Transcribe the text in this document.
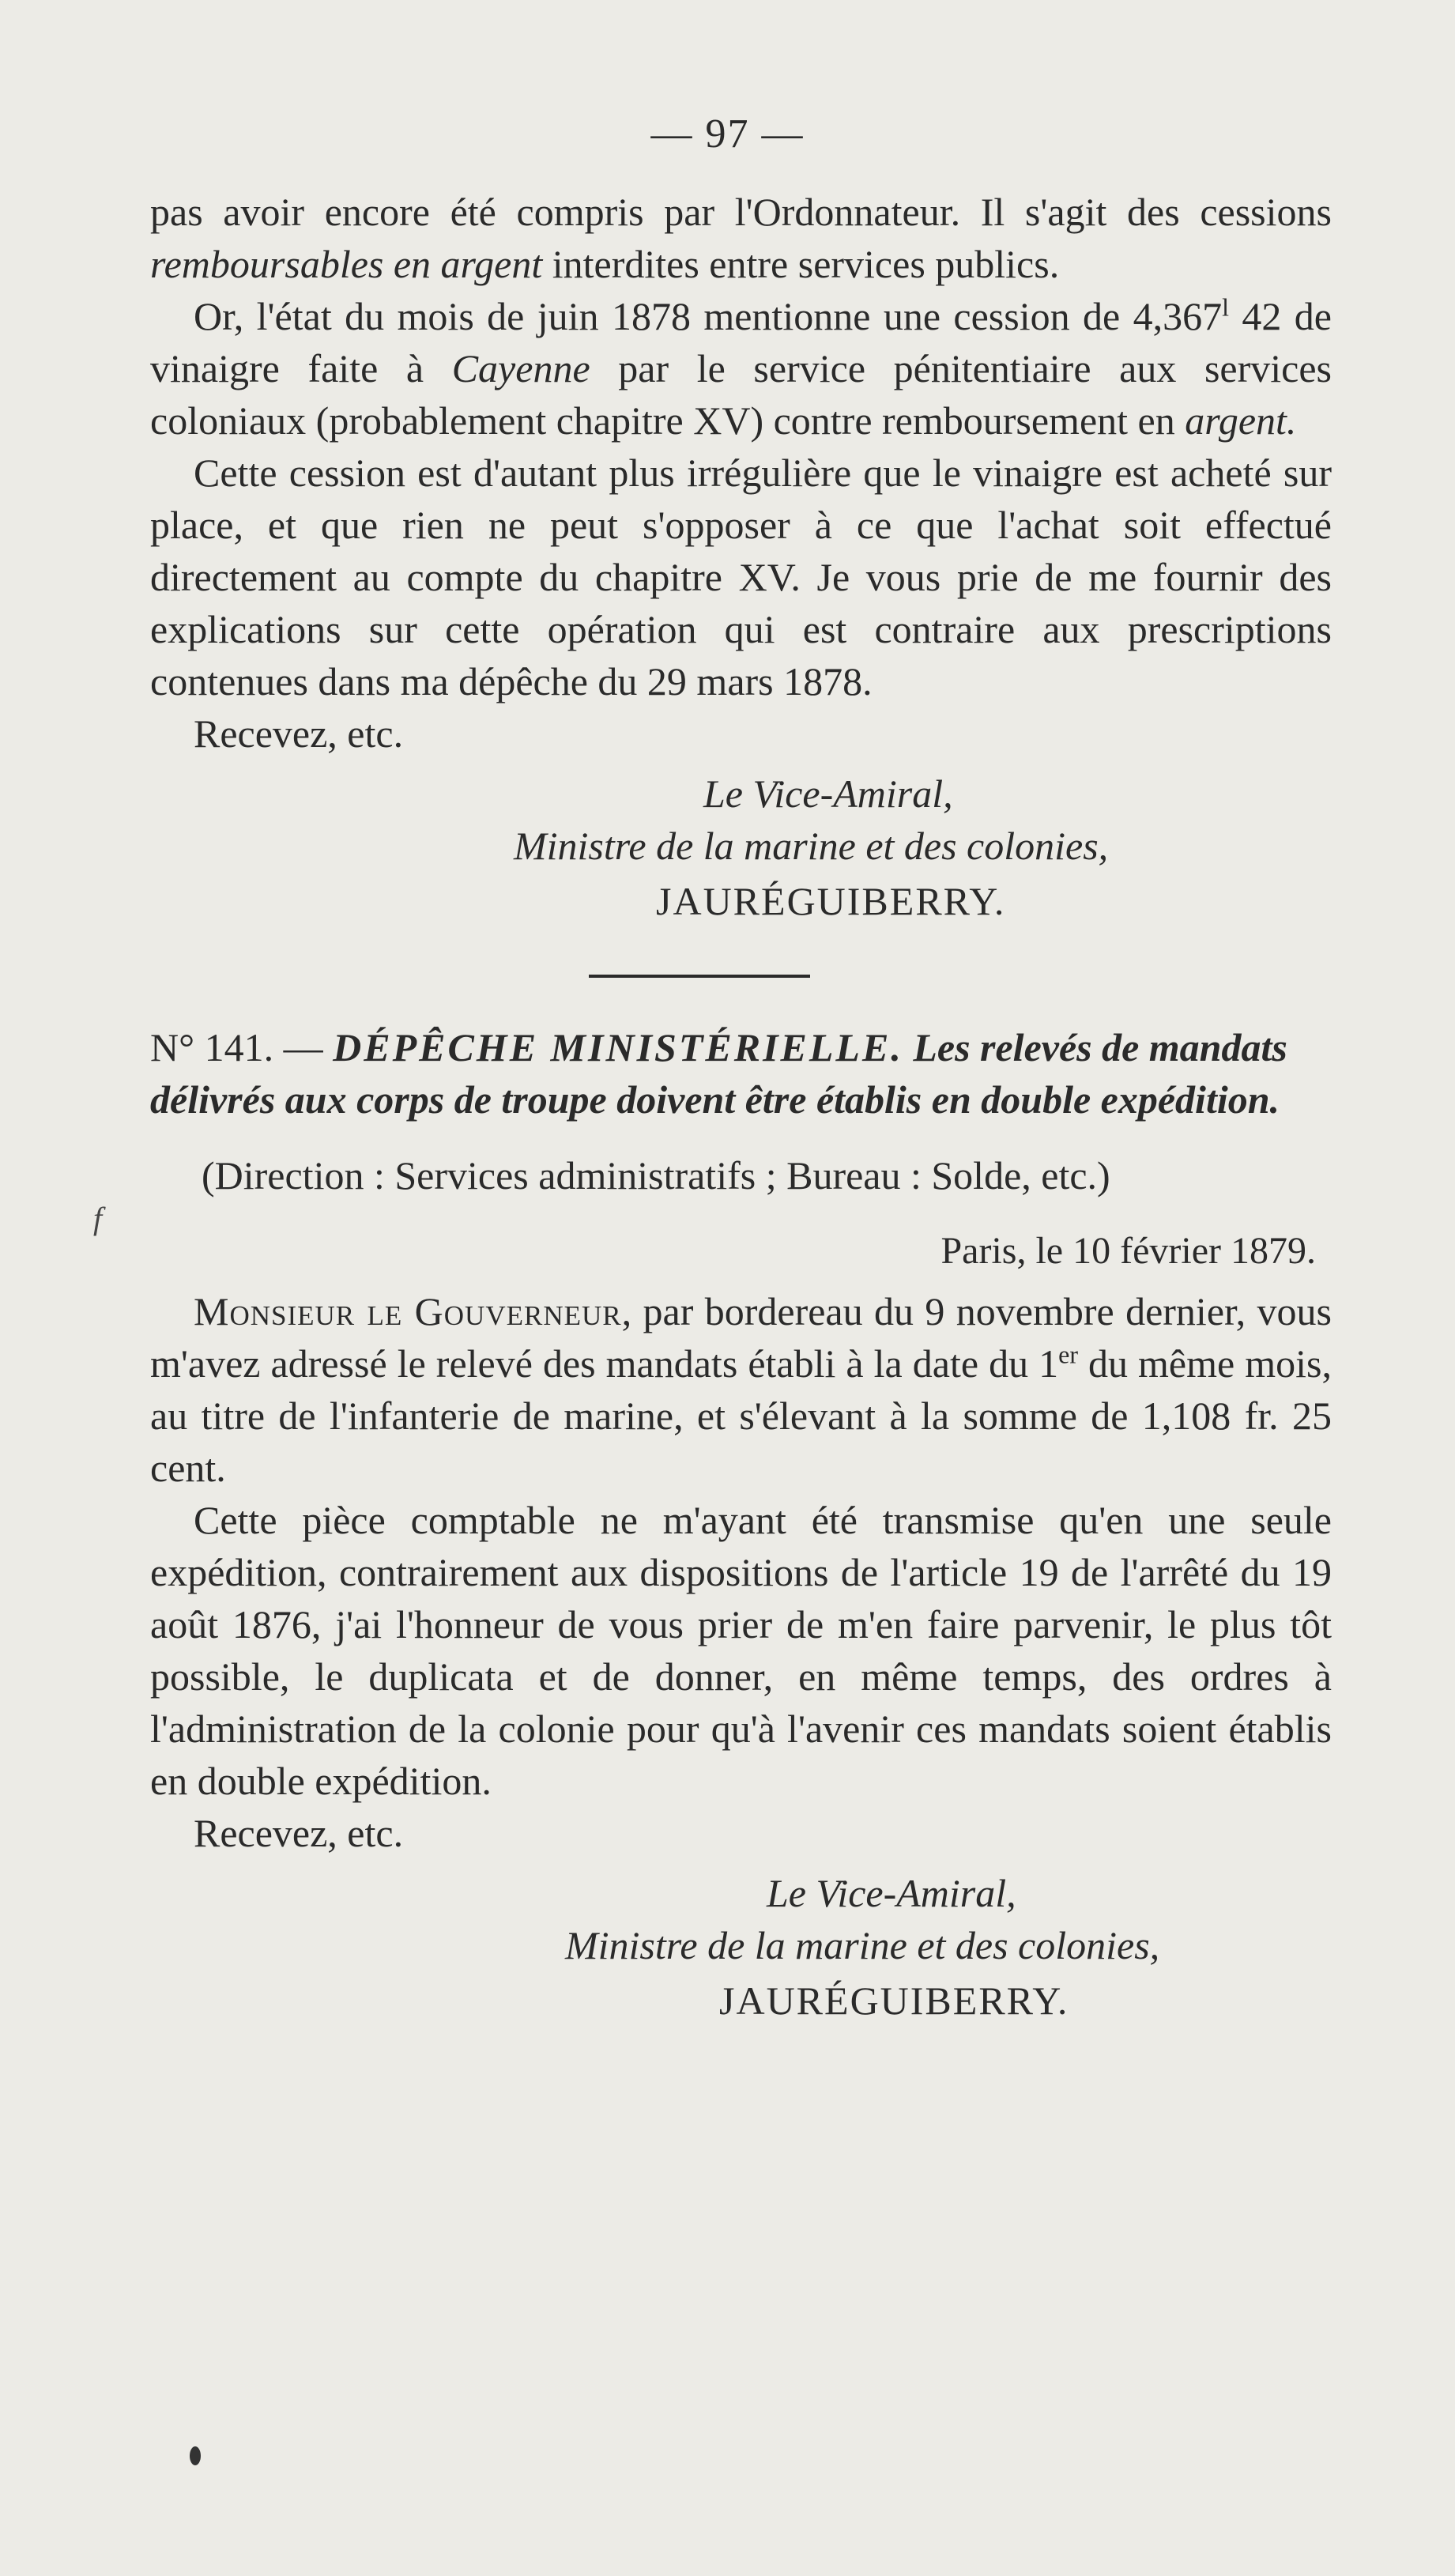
— 97 —
f

pas avoir encore été compris par l'Ordonnateur. Il s'agit des cessions remboursables en argent interdites entre services publics.

Or, l'état du mois de juin 1878 mentionne une cession de 4,367$^l$ 42 de vinaigre faite à Cayenne par le service pénitentiaire aux services coloniaux (probablement chapitre XV) contre remboursement en argent.

Cette cession est d'autant plus irrégulière que le vinaigre est acheté sur place, et que rien ne peut s'opposer à ce que l'achat soit effectué directement au compte du chapitre XV. Je vous prie de me fournir des explications sur cette opération qui est contraire aux prescriptions contenues dans ma dépêche du 29 mars 1878.

Recevez, etc.

Le Vice-Amiral,
Ministre de la marine et des colonies,
JAURÉGUIBERRY.
N° 141. — DÉPÊCHE MINISTÉRIELLE. Les relevés de mandats délivrés aux corps de troupe doivent être établis en double expédition.
(Direction : Services administratifs ; Bureau : Solde, etc.)
Paris, le 10 février 1879.

Monsieur le Gouverneur, par bordereau du 9 novembre dernier, vous m'avez adressé le relevé des mandats établi à la date du 1er du même mois, au titre de l'infanterie de marine, et s'élevant à la somme de 1,108 fr. 25 cent.

Cette pièce comptable ne m'ayant été transmise qu'en une seule expédition, contrairement aux dispositions de l'article 19 de l'arrêté du 19 août 1876, j'ai l'honneur de vous prier de m'en faire parvenir, le plus tôt possible, le duplicata et de donner, en même temps, des ordres à l'administration de la colonie pour qu'à l'avenir ces mandats soient établis en double expédition.

Recevez, etc.

Le Vice-Amiral,
Ministre de la marine et des colonies,
JAURÉGUIBERRY.
